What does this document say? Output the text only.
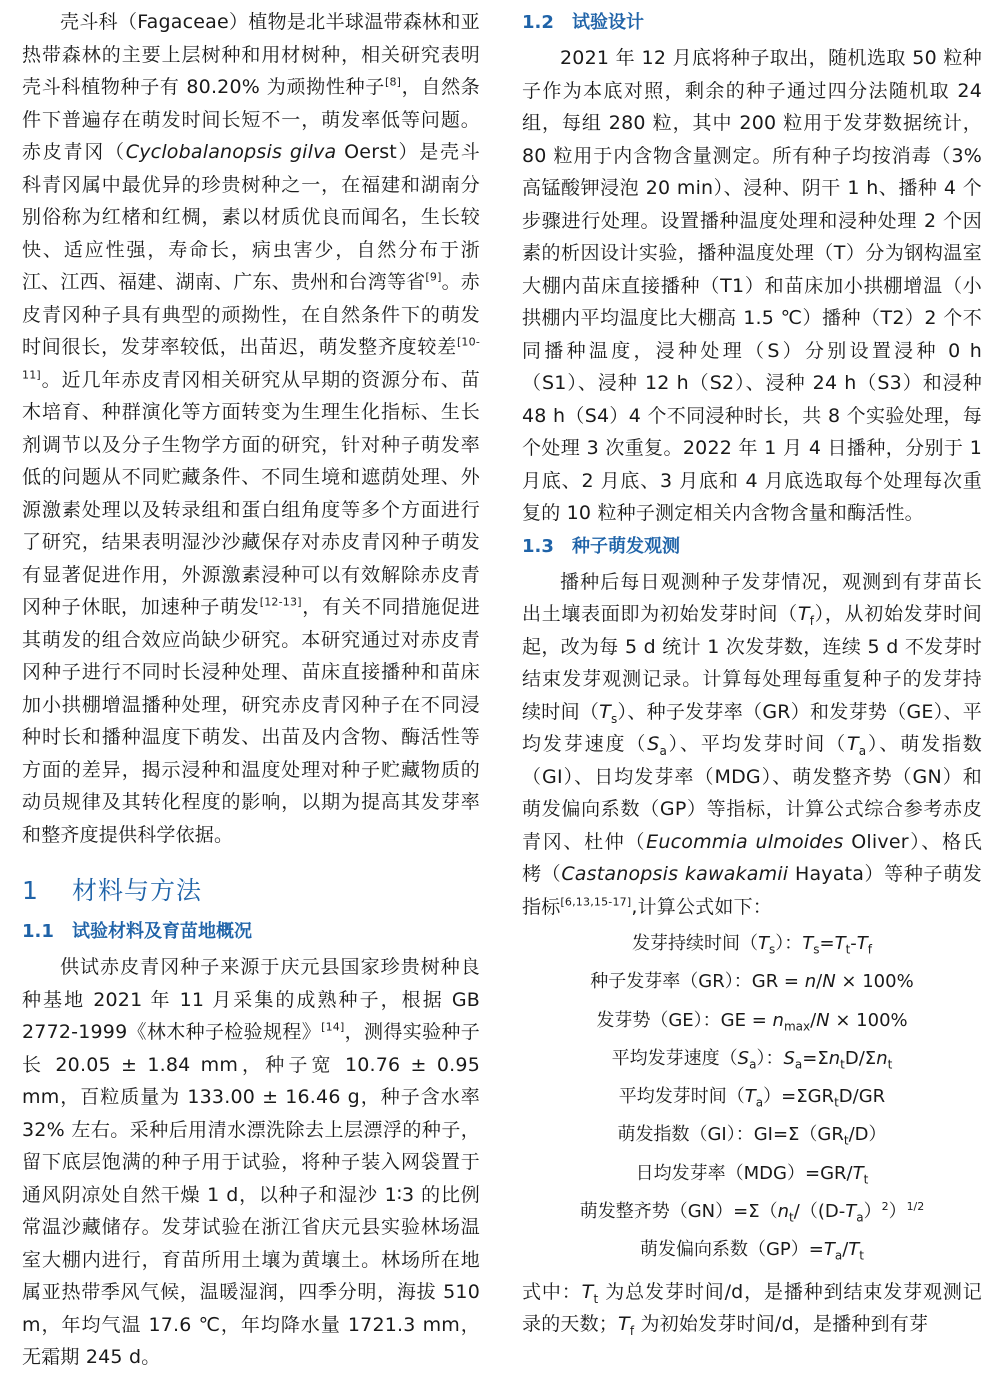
壳斗科（Fagaceae）植物是北半球温带森林和亚热带森林的主要上层树种和用材树种，相关研究表明壳斗科植物种子有 80.20% 为顽拗性种子[8]，自然条件下普遍存在萌发时间长短不一，萌发率低等问题。赤皮青冈（Cyclobalanopsis gilva Oerst）是壳斗科青冈属中最优异的珍贵树种之一，在福建和湖南分别俗称为红楮和红椆，素以材质优良而闻名，生长较快、适应性强，寿命长，病虫害少，自然分布于浙江、江西、福建、湖南、广东、贵州和台湾等省[9]。赤皮青冈种子具有典型的顽拗性，在自然条件下的萌发时间很长，发芽率较低，出苗迟，萌发整齐度较差[10-11]。近几年赤皮青冈相关研究从早期的资源分布、苗木培育、种群演化等方面转变为生理生化指标、生长剂调节以及分子生物学方面的研究，针对种子萌发率低的问题从不同贮藏条件、不同生境和遮荫处理、外源激素处理以及转录组和蛋白组角度等多个方面进行了研究，结果表明湿沙沙藏保存对赤皮青冈种子萌发有显著促进作用，外源激素浸种可以有效解除赤皮青冈种子休眠，加速种子萌发[12-13]，有关不同措施促进其萌发的组合效应尚缺少研究。本研究通过对赤皮青冈种子进行不同时长浸种处理、苗床直接播种和苗床加小拱棚增温播种处理，研究赤皮青冈种子在不同浸种时长和播种温度下萌发、出苗及内含物、酶活性等方面的差异，揭示浸种和温度处理对种子贮藏物质的动员规律及其转化程度的影响，以期为提高其发芽率和整齐度提供科学依据。

1 材料与方法
1.1 试验材料及育苗地概况

供试赤皮青冈种子来源于庆元县国家珍贵树种良种基地 2021 年 11 月采集的成熟种子，根据 GB 2772-1999《林木种子检验规程》[14]，测得实验种子长 20.05 ± 1.84 mm，种子宽 10.76 ± 0.95 mm，百粒质量为 133.00 ± 16.46 g，种子含水率 32% 左右。采种后用清水漂洗除去上层漂浮的种子，留下底层饱满的种子用于试验，将种子装入网袋置于通风阴凉处自然干燥 1 d，以种子和湿沙 1∶3 的比例常温沙藏储存。发芽试验在浙江省庆元县实验林场温室大棚内进行，育苗所用土壤为黄壤土。林场所在地属亚热带季风气候，温暖湿润，四季分明，海拔 510 m，年均气温 17.6 ℃，年均降水量 1721.3 mm，无霜期 245 d。

1.2 试验设计

2021 年 12 月底将种子取出，随机选取 50 粒种子作为本底对照，剩余的种子通过四分法随机取 24 组，每组 280 粒，其中 200 粒用于发芽数据统计，80 粒用于内含物含量测定。所有种子均按消毒（3% 高锰酸钾浸泡 20 min）、浸种、阴干 1 h、播种 4 个步骤进行处理。设置播种温度处理和浸种处理 2 个因素的析因设计实验，播种温度处理（T）分为钢构温室大棚内苗床直接播种（T1）和苗床加小拱棚增温（小拱棚内平均温度比大棚高 1.5 ℃）播种（T2）2 个不同播种温度，浸种处理（S）分别设置浸种 0 h（S1）、浸种 12 h（S2）、浸种 24 h（S3）和浸种 48 h（S4）4 个不同浸种时长，共 8 个实验处理，每个处理 3 次重复。2022 年 1 月 4 日播种，分别于 1 月底、2 月底、3 月底和 4 月底选取每个处理每次重复的 10 粒种子测定相关内含物含量和酶活性。

1.3 种子萌发观测

播种后每日观测种子发芽情况，观测到有芽苗长出土壤表面即为初始发芽时间$(T_f)$，从初始发芽时间起，改为每 5 d 统计 1 次发芽数，连续 5 d 不发芽时结束发芽观测记录。计算每处理每重复种子的发芽持续时间$(T_s)$、种子发芽率（GR）和发芽势（GE）、平均发芽速度$(S_a)$、平均发芽时间$(T_a)$、萌发指数（GI）、日均发芽率（MDG）、萌发整齐势（GN）和萌发偏向系数（GP）等指标，计算公式综合参考赤皮青冈、杜仲（Eucommia ulmoides Oliver）、格氏栲（Castanopsis kawakamii Hayata）等种子萌发指标[6,13,15-17],计算公式如下：

发芽持续时间$(T_s)$：$T_s=T_t-T_f$
种子发芽率（GR）：GR = n/N × 100%
发芽势（GE）：GE = $n_{max}/N \times 100\%$
平均发芽速度$(S_a)$：$S_a=\Sigma n_tD/\Sigma n_t$
平均发芽时间$(T_a)=\Sigma GR_tD/GR$
萌发指数（GI）：$GI=\Sigma(GR_t/D)$
日均发芽率$(MDG)=GR/T_t$
萌发整齐势$(GN)=\Sigma(n_t/((D-T_a)^2)^{1/2}$
萌发偏向系数$(GP)=T_a/T_t$

式中：$T_t$ 为总发芽时间/d，是播种到结束发芽观测记录的天数；$T_f$ 为初始发芽时间/d，是播种到有芽
